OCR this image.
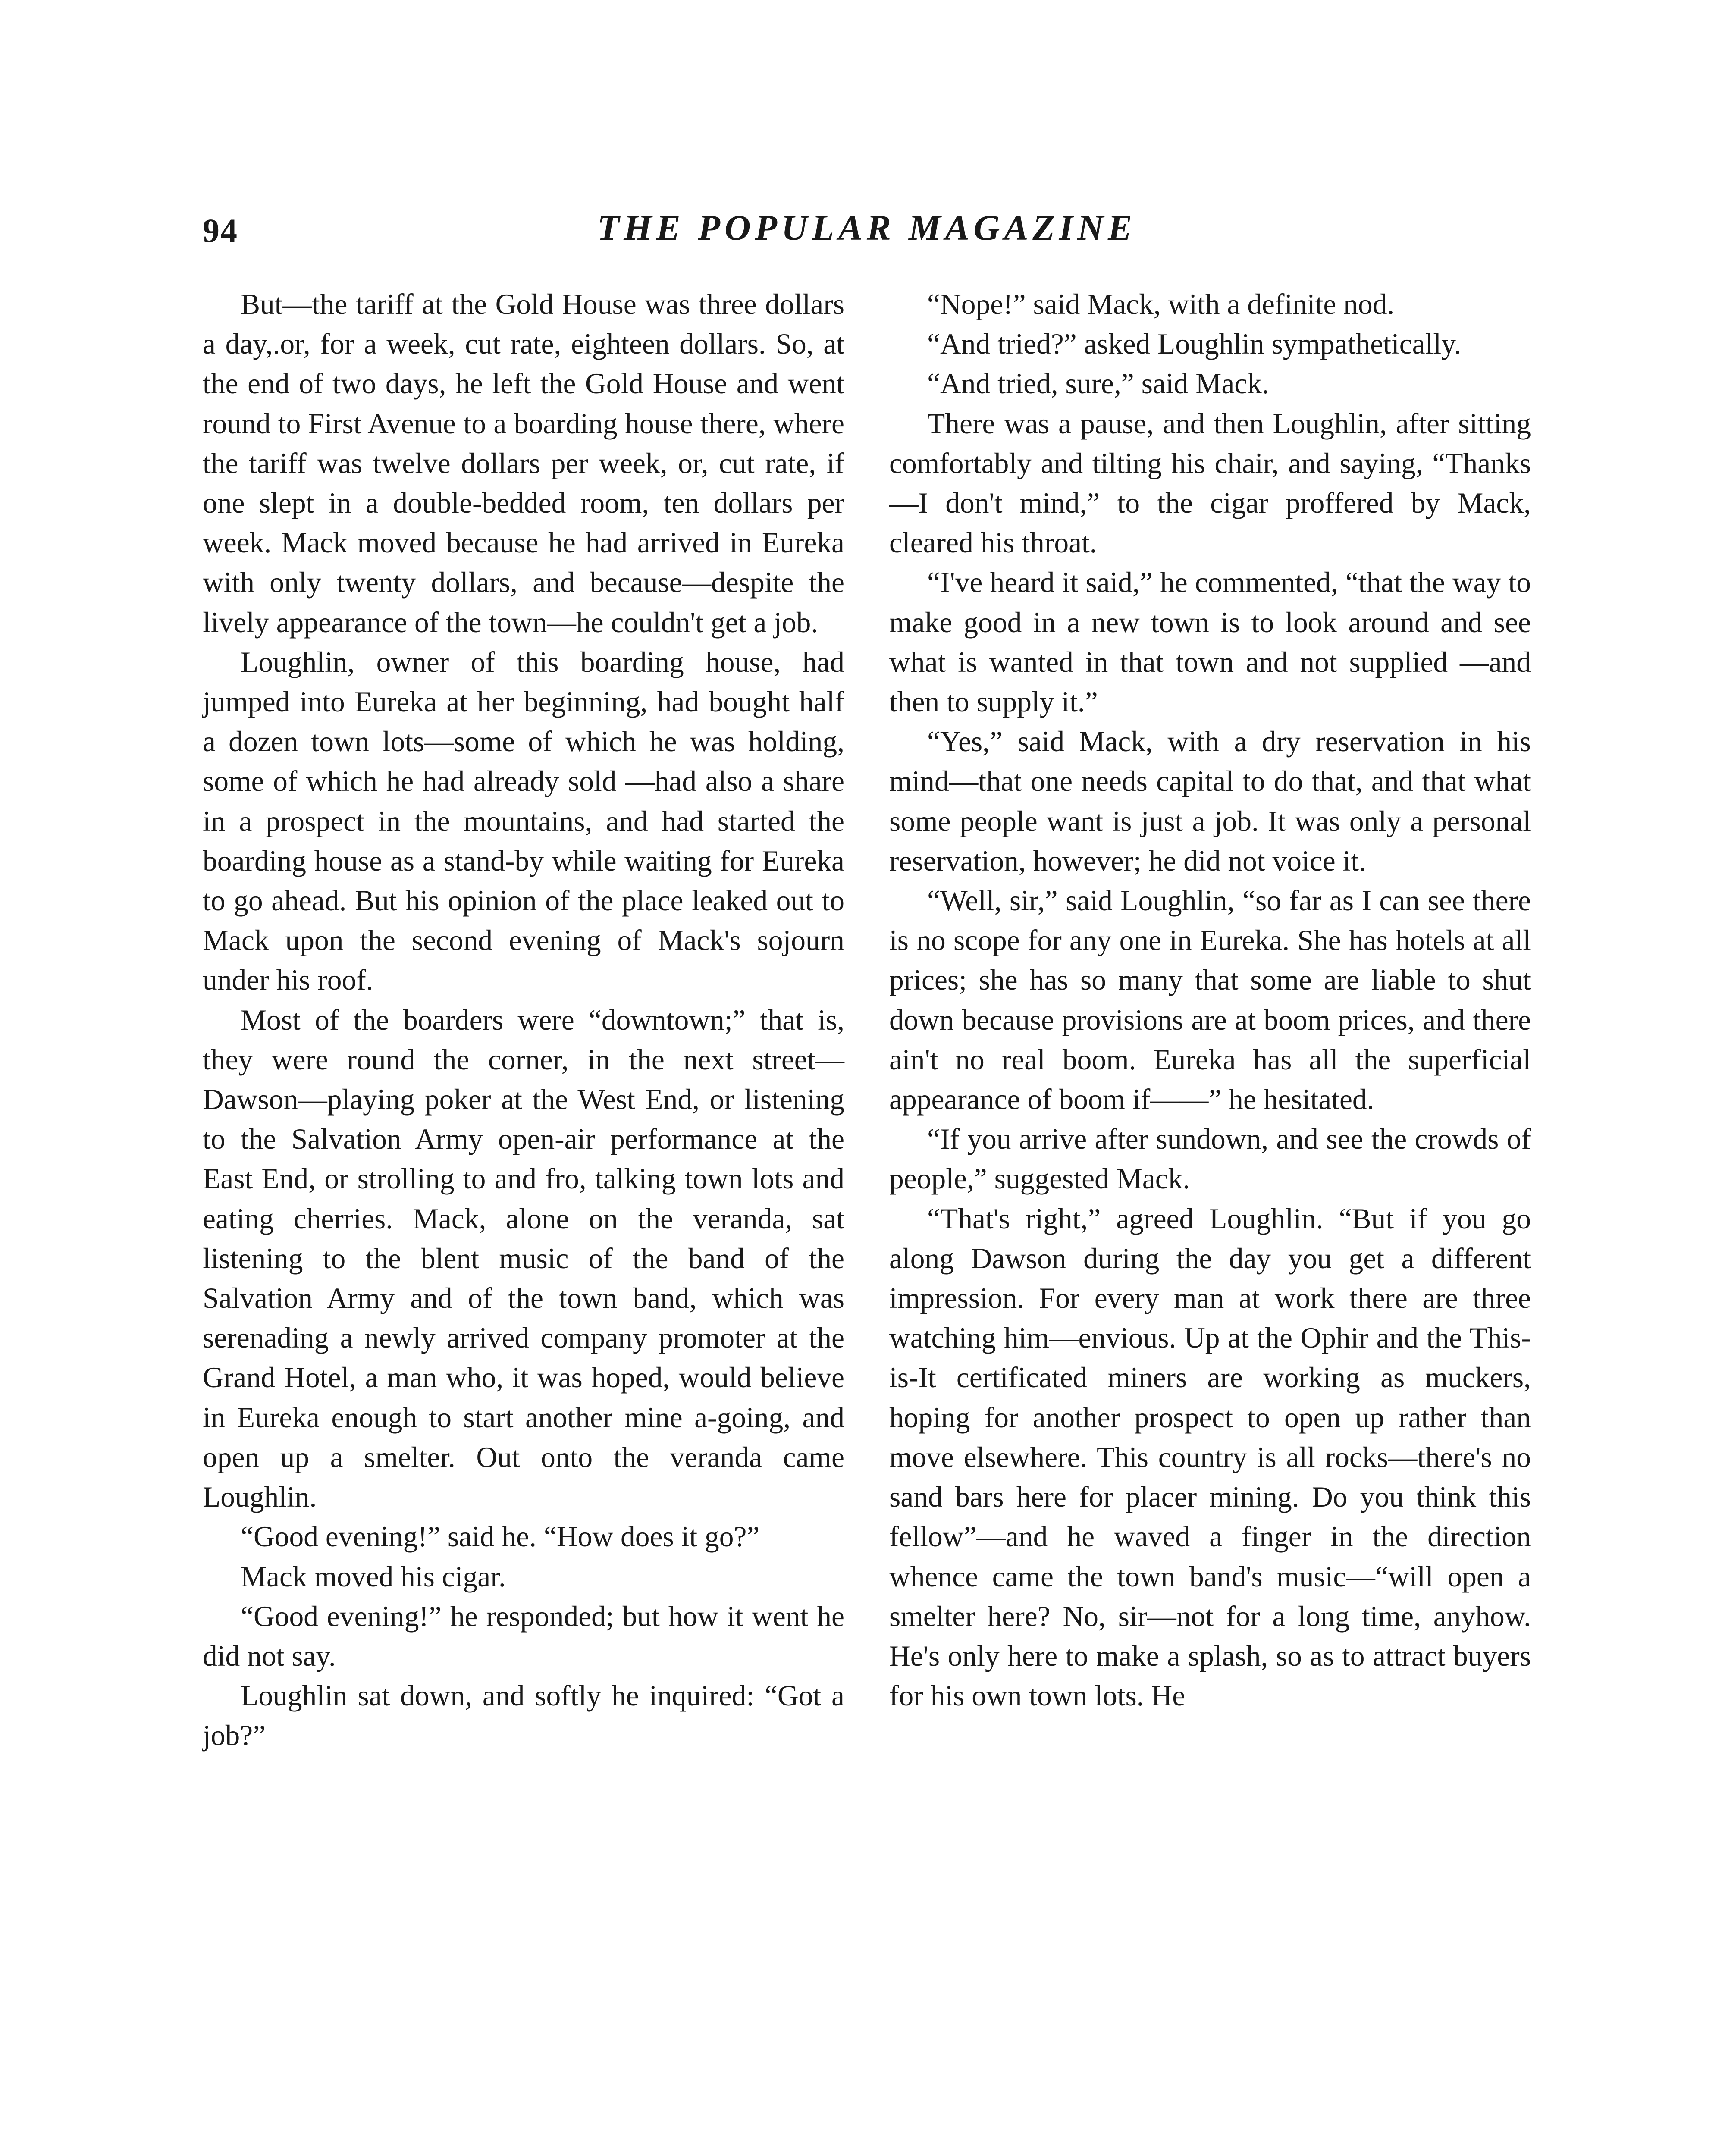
94	THE POPULAR MAGAZINE

But—the tariff at the Gold House was three dollars a day,.or, for a week, cut rate, eighteen dollars. So, at the end of two days, he left the Gold House and went round to First Avenue to a boarding house there, where the tariff was twelve dollars per week, or, cut rate, if one slept in a double-bedded room, ten dollars per week. Mack moved because he had arrived in Eureka with only twenty dollars, and because—despite the lively appearance of the town—he couldn't get a job.

Loughlin, owner of this boarding house, had jumped into Eureka at her beginning, had bought half a dozen town lots—some of which he was holding, some of which he had already sold —had also a share in a prospect in the mountains, and had started the boarding house as a stand-by while waiting for Eureka to go ahead. But his opinion of the place leaked out to Mack upon the second evening of Mack's sojourn under his roof.

Most of the boarders were “downtown;” that is, they were round the corner, in the next street—Dawson—playing poker at the West End, or listening to the Salvation Army open-air performance at the East End, or strolling to and fro, talking town lots and eating cherries. Mack, alone on the veranda, sat listening to the blent music of the band of the Salvation Army and of the town band, which was serenading a newly arrived company promoter at the Grand Hotel, a man who, it was hoped, would believe in Eureka enough to start another mine a-going, and open up a smelter. Out onto the veranda came Loughlin.

“Good evening!” said he. “How does it go?”

Mack moved his cigar.

“Good evening!” he responded; but how it went he did not say.

Loughlin sat down, and softly he inquired: “Got a job?”

“Nope!” said Mack, with a definite nod.

“And tried?” asked Loughlin sympathetically.

“And tried, sure,” said Mack.

There was a pause, and then Loughlin, after sitting comfortably and tilting his chair, and saying, “Thanks—I don't mind,” to the cigar proffered by Mack, cleared his throat.

“I've heard it said,” he commented, “that the way to make good in a new town is to look around and see what is wanted in that town and not supplied —and then to supply it.”

“Yes,” said Mack, with a dry reservation in his mind—that one needs capital to do that, and that what some people want is just a job. It was only a personal reservation, however; he did not voice it.

“Well, sir,” said Loughlin, “so far as I can see there is no scope for any one in Eureka. She has hotels at all prices; she has so many that some are liable to shut down because provisions are at boom prices, and there ain't no real boom. Eureka has all the superficial appearance of boom if——” he hesitated.

“If you arrive after sundown, and see the crowds of people,” suggested Mack.

“That's right,” agreed Loughlin. “But if you go along Dawson during the day you get a different impression. For every man at work there are three watching him—envious. Up at the Ophir and the This-is-It certificated miners are working as muckers, hoping for another prospect to open up rather than move elsewhere. This country is all rocks—there's no sand bars here for placer mining. Do you think this fellow”—and he waved a finger in the direction whence came the town band's music—“will open a smelter here? No, sir—not for a long time, anyhow. He's only here to make a splash, so as to attract buyers for his own town lots. He
